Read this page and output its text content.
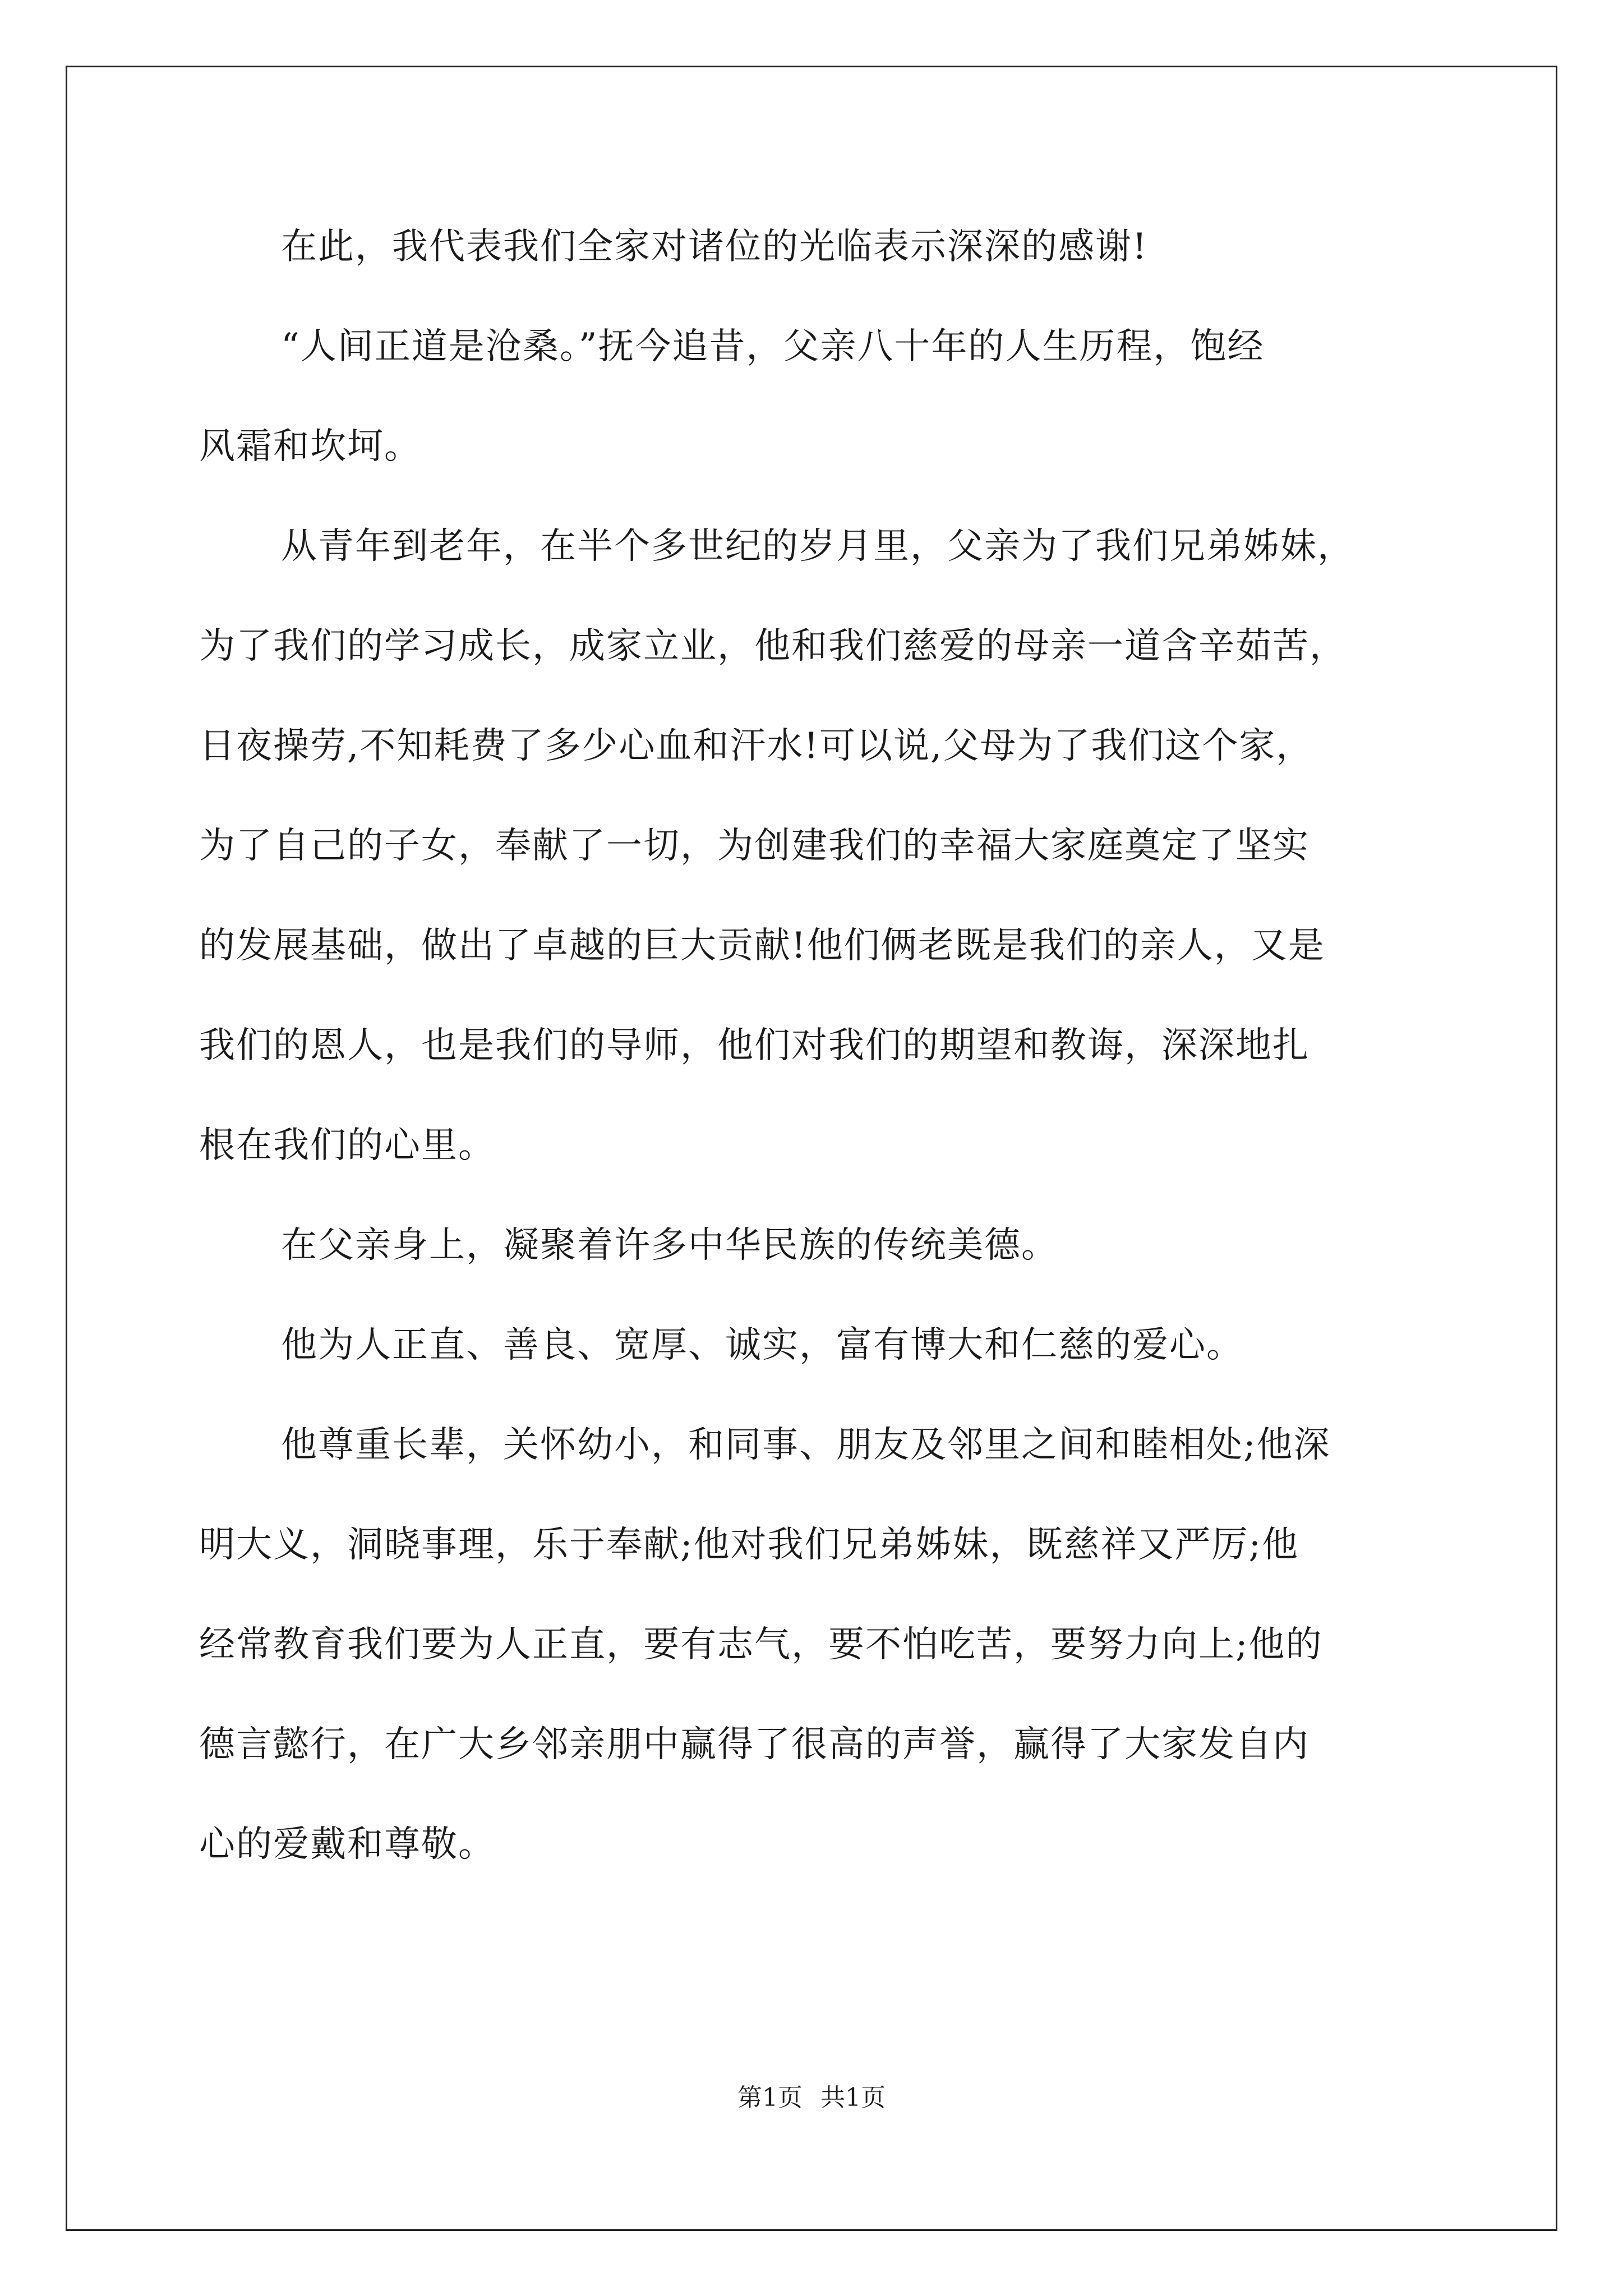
在此，我代表我们全家对诸位的光临表示深深的感谢!
“人间正道是沧桑。”抚今追昔，父亲八十年的人生历程，饱经
风霜和坎坷。
从青年到老年，在半个多世纪的岁月里，父亲为了我们兄弟姊妹，
为了我们的学习成长，成家立业，他和我们慈爱的母亲一道含辛茹苦，
日夜操劳,不知耗费了多少心血和汗水!可以说,父母为了我们这个家，
为了自己的子女，奉献了一切，为创建我们的幸福大家庭奠定了坚实
的发展基础，做出了卓越的巨大贡献!他们俩老既是我们的亲人，又是
我们的恩人，也是我们的导师，他们对我们的期望和教诲，深深地扎
根在我们的心里。
在父亲身上，凝聚着许多中华民族的传统美德。
他为人正直、善良、宽厚、诚实，富有博大和仁慈的爱心。
他尊重长辈，关怀幼小，和同事、朋友及邻里之间和睦相处;他深
明大义，洞晓事理，乐于奉献;他对我们兄弟姊妹，既慈祥又严厉;他
经常教育我们要为人正直，要有志气，要不怕吃苦，要努力向上;他的
德言懿行，在广大乡邻亲朋中赢得了很高的声誉，赢得了大家发自内
心的爱戴和尊敬。
第1页 共1页
